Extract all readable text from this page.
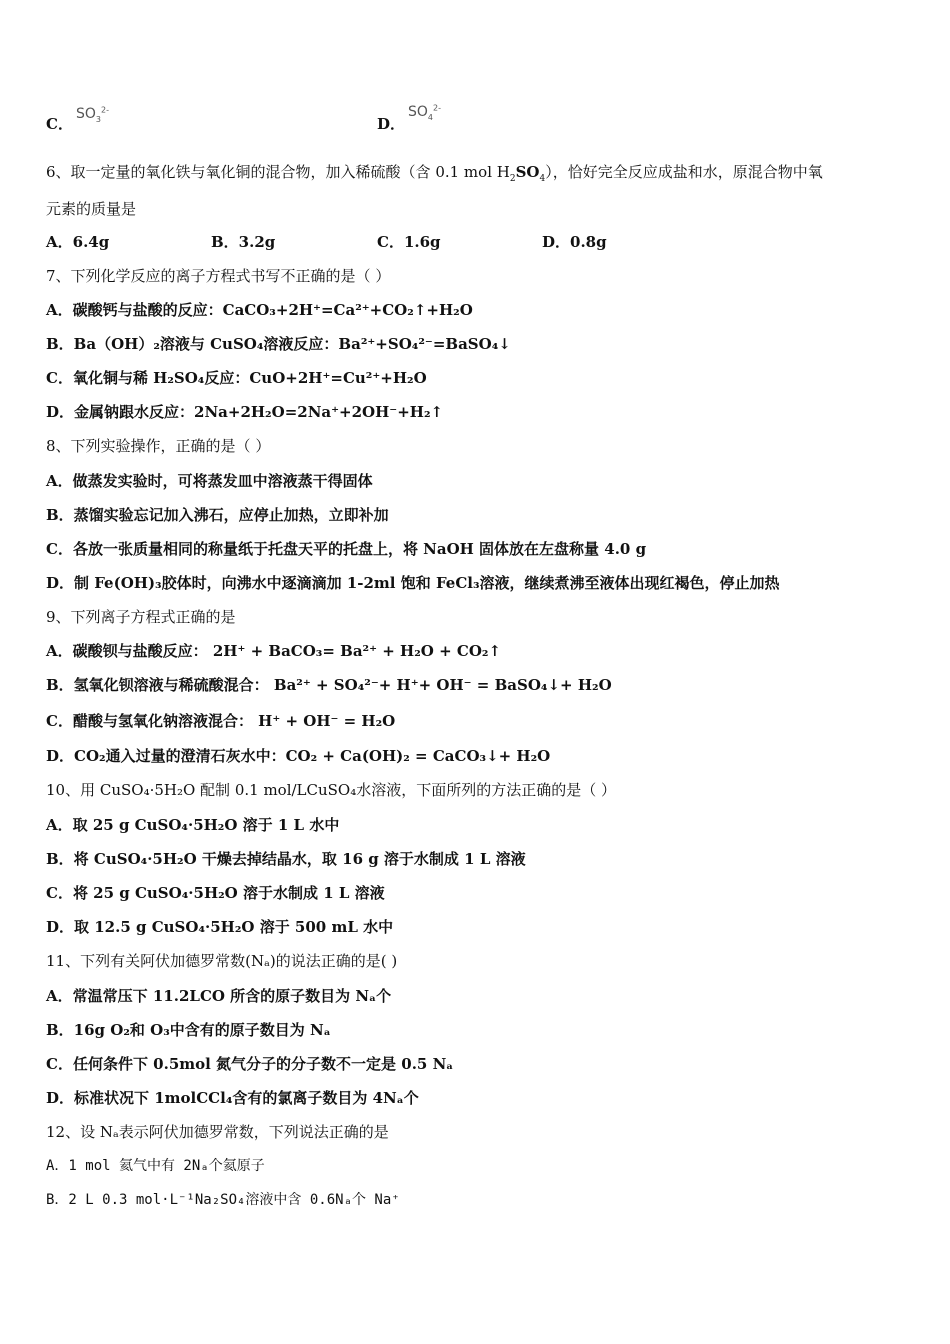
C．
$SO_3^{2-}$
D．
$SO_4^{2-}$
6、取一定量的氧化铁与氧化铜的混合物，加入稀硫酸（含 0.1 mol $H_2SO_4$），恰好完全反应成盐和水，原混合物中氧
元素的质量是
A．6.4g	B．3.2g	C．1.6g	D．0.8g
7、下列化学反应的离子方程式书写不正确的是（ ）
A．碳酸钙与盐酸的反应：CaCO₃+2H⁺=Ca²⁺+CO₂↑+H₂O
B．Ba（OH）₂溶液与 CuSO₄溶液反应：Ba²⁺+SO₄²⁻=BaSO₄↓
C．氧化铜与稀 H₂SO₄反应：CuO+2H⁺=Cu²⁺+H₂O
D．金属钠跟水反应：2Na+2H₂O=2Na⁺+2OH⁻+H₂↑
8、下列实验操作，正确的是（ ）
A．做蒸发实验时，可将蒸发皿中溶液蒸干得固体
B．蒸馏实验忘记加入沸石，应停止加热，立即补加
C．各放一张质量相同的称量纸于托盘天平的托盘上，将 NaOH 固体放在左盘称量 4.0 g
D．制 Fe(OH)₃胶体时，向沸水中逐滴滴加 1-2ml 饱和 FeCl₃溶液，继续煮沸至液体出现红褐色，停止加热
9、下列离子方程式正确的是
A．碳酸钡与盐酸反应： 2H⁺ + BaCO₃= Ba²⁺ + H₂O + CO₂↑
B．氢氧化钡溶液与稀硫酸混合： Ba²⁺ + SO₄²⁻+ H⁺+ OH⁻ = BaSO₄↓+ H₂O
C．醋酸与氢氧化钠溶液混合： H⁺ + OH⁻ = H₂O
D．CO₂通入过量的澄清石灰水中：CO₂ + Ca(OH)₂ = CaCO₃↓+ H₂O
10、用 CuSO₄·5H₂O 配制 0.1 mol/LCuSO₄水溶液，下面所列的方法正确的是（ ）
A．取 25 g CuSO₄·5H₂O 溶于 1 L 水中
B．将 CuSO₄·5H₂O 干燥去掉结晶水，取 16 g 溶于水制成 1 L 溶液
C．将 25 g CuSO₄·5H₂O 溶于水制成 1 L 溶液
D．取 12.5 g CuSO₄·5H₂O 溶于 500 mL 水中
11、下列有关阿伏加德罗常数(Nₐ)的说法正确的是( )
A．常温常压下 11.2LCO 所含的原子数目为 Nₐ个
B．16g O₂和 O₃中含有的原子数目为 Nₐ
C．任何条件下 0.5mol 氮气分子的分子数不一定是 0.5 Nₐ
D．标准状况下 1molCCl₄含有的氯离子数目为 4Nₐ个
12、设 Nₐ表示阿伏加德罗常数，下列说法正确的是
A．1 mol 氦气中有 2Nₐ个氦原子
B．2 L 0.3 mol·L⁻¹Na₂SO₄溶液中含 0.6Nₐ个 Na⁺
